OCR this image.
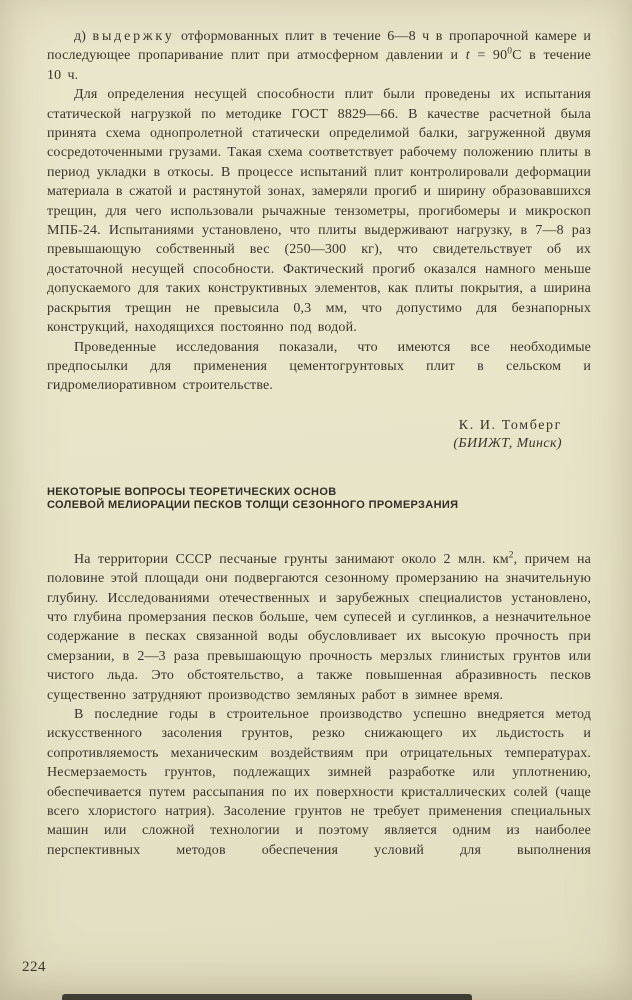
д) выдержку отформованных плит в течение 6—8 ч в пропарочной камере и последующее пропаривание плит при атмосферном давлении и $t = 90^0С$ в течение 10 ч.

Для определения несущей способности плит были проведены их испытания статической нагрузкой по методике ГОСТ 8829—66. В качестве расчетной была принята схема однопролетной статически определимой балки, загруженной двумя сосредоточенными грузами. Такая схема соответствует рабочему положению плиты в период укладки в откосы. В процессе испытаний плит контролировали деформации материала в сжатой и растянутой зонах, замеряли прогиб и ширину образовавшихся трещин, для чего использовали рычажные тензометры, прогибомеры и микроскоп МПБ-24. Испытаниями установлено, что плиты выдерживают нагрузку, в 7—8 раз превышающую собственный вес (250—300 кг), что свидетельствует об их достаточной несущей способности. Фактический прогиб оказался намного меньше допускаемого для таких конструктивных элементов, как плиты покрытия, а ширина раскрытия трещин не превысила 0,3 мм, что допустимо для безнапорных конструкций, находящихся постоянно под водой.

Проведенные исследования показали, что имеются все необходимые предпосылки для применения цементогрунтовых плит в сельском и гидромелиоративном строительстве.

К. И. Томберг
(БИИЖТ, Минск)
НЕКОТОРЫЕ ВОПРОСЫ ТЕОРЕТИЧЕСКИХ ОСНОВ
СОЛЕВОЙ МЕЛИОРАЦИИ ПЕСКОВ ТОЛЩИ СЕЗОННОГО ПРОМЕРЗАНИЯ

На территории СССР песчаные грунты занимают около 2 млн. $км^2$, причем на половине этой площади они подвергаются сезонному промерзанию на значительную глубину. Исследованиями отечественных и зарубежных специалистов установлено, что глубина промерзания песков больше, чем супесей и суглинков, а незначительное содержание в песках связанной воды обусловливает их высокую прочность при смерзании, в 2—3 раза превышающую прочность мерзлых глинистых грунтов или чистого льда. Это обстоятельство, а также повышенная абразивность песков существенно затрудняют производство земляных работ в зимнее время.

В последние годы в строительное производство успешно внедряется метод искусственного засоления грунтов, резко снижающего их льдистость и сопротивляемость механическим воздействиям при отрицательных температурах. Несмерзаемость грунтов, подлежащих зимней разработке или уплотнению, обеспечивается путем рассыпания по их поверхности кристаллических солей (чаще всего хлористого натрия). Засоление грунтов не требует применения специальных машин или сложной технологии и поэтому является одним из наиболее перспективных методов обеспечения условий для выполнения

224
